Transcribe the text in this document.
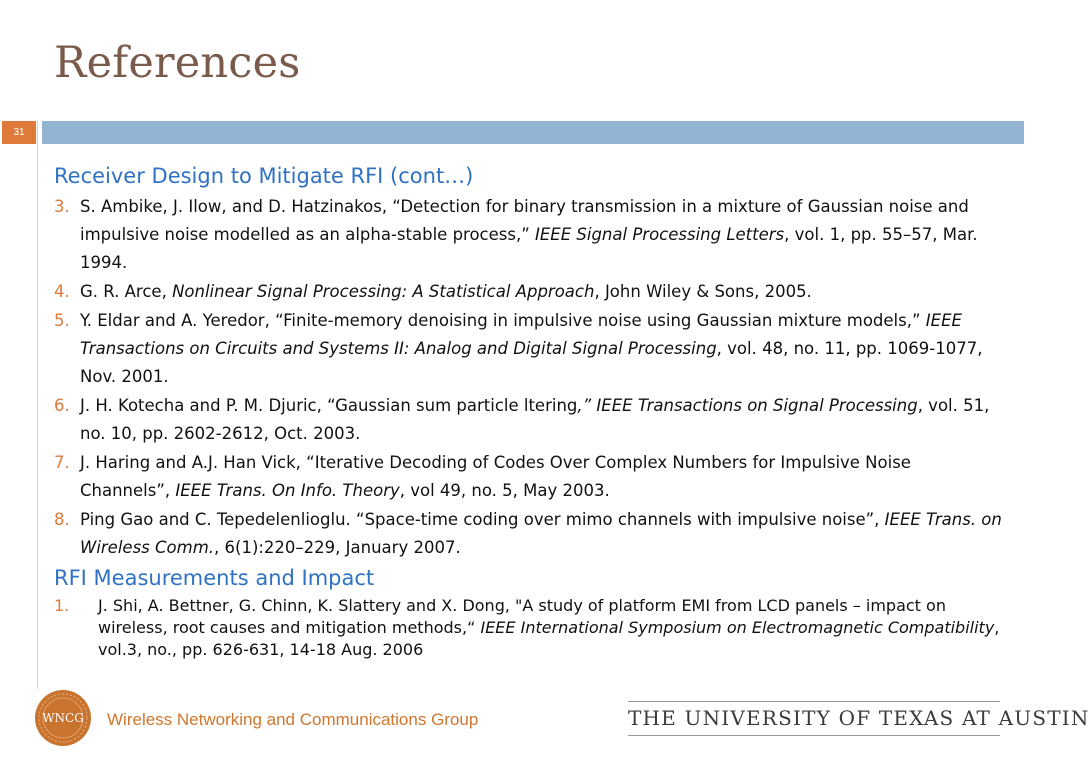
References
31
Receiver Design to Mitigate RFI (cont…)
3. S. Ambike, J. Ilow, and D. Hatzinakos, “Detection for binary transmission in a mixture of Gaussian noise and impulsive noise modelled as an alpha-stable process,” IEEE Signal Processing Letters, vol. 1, pp. 55–57, Mar. 1994.
4. G. R. Arce, Nonlinear Signal Processing: A Statistical Approach, John Wiley & Sons, 2005.
5. Y. Eldar and A. Yeredor, “Finite-memory denoising in impulsive noise using Gaussian mixture models,” IEEE Transactions on Circuits and Systems II: Analog and Digital Signal Processing, vol. 48, no. 11, pp. 1069-1077, Nov. 2001.
6. J. H. Kotecha and P. M. Djuric, “Gaussian sum particle ltering,” IEEE Transactions on Signal Processing, vol. 51, no. 10, pp. 2602-2612, Oct. 2003.
7. J. Haring and A.J. Han Vick, “Iterative Decoding of Codes Over Complex Numbers for Impulsive Noise Channels”, IEEE Trans. On Info. Theory, vol 49, no. 5, May 2003.
8. Ping Gao and C. Tepedelenlioglu. “Space-time coding over mimo channels with impulsive noise”, IEEE Trans. on Wireless Comm., 6(1):220–229, January 2007.
RFI Measurements and Impact
1. J. Shi, A. Bettner, G. Chinn, K. Slattery and X. Dong, "A study of platform EMI from LCD panels – impact on wireless, root causes and mitigation methods,“ IEEE International Symposium on Electromagnetic Compatibility, vol.3, no., pp. 626-631, 14-18 Aug. 2006
WNCG Wireless Networking and Communications Group	THE UNIVERSITY OF TEXAS AT AUSTIN
